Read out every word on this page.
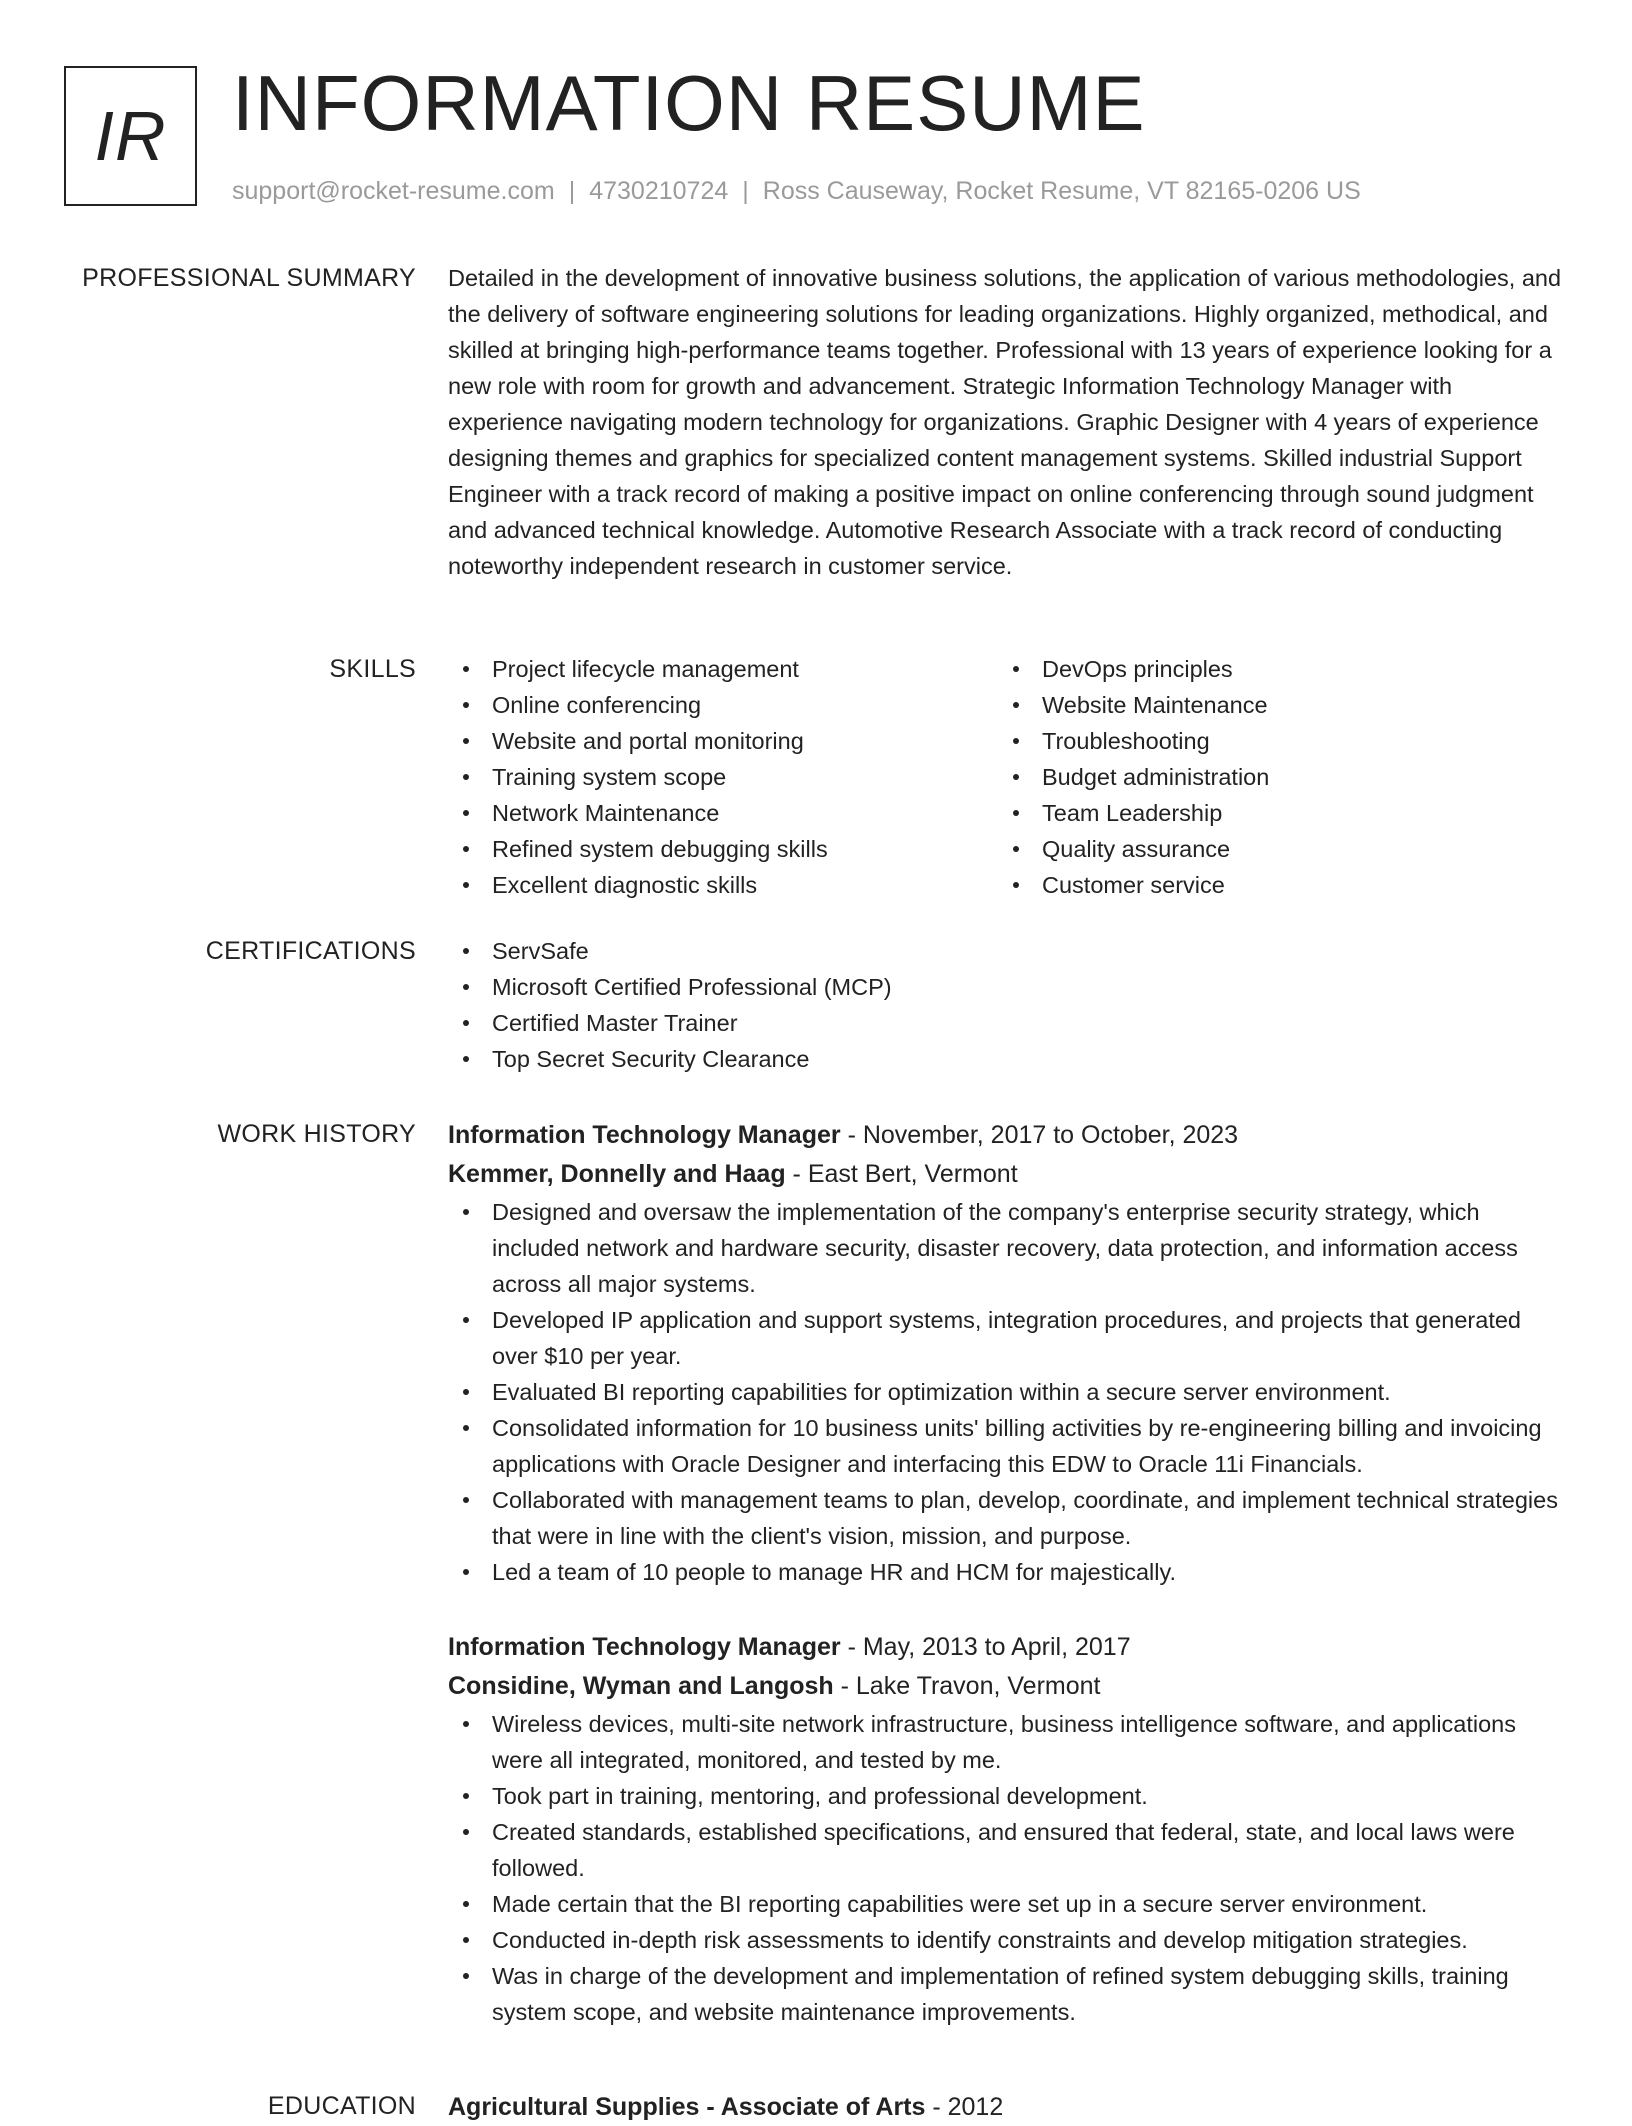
IR INFORMATION RESUME
support@rocket-resume.com | 4730210724 | Ross Causeway, Rocket Resume, VT 82165-0206 US
PROFESSIONAL SUMMARY Detailed in the development of innovative business solutions, the application of various methodologies, and the delivery of software engineering solutions for leading organizations. Highly organized, methodical, and skilled at bringing high-performance teams together. Professional with 13 years of experience looking for a new role with room for growth and advancement. Strategic Information Technology Manager with experience navigating modern technology for organizations. Graphic Designer with 4 years of experience designing themes and graphics for specialized content management systems. Skilled industrial Support Engineer with a track record of making a positive impact on online conferencing through sound judgment and advanced technical knowledge. Automotive Research Associate with a track record of conducting noteworthy independent research in customer service.

SKILLS	Project lifecycle management
Online conferencing
Website and portal monitoring
Training system scope
Network Maintenance
Refined system debugging skills
Excellent diagnostic skills
DevOps principles
Website Maintenance
Troubleshooting
Budget administration
Team Leadership
Quality assurance
Customer service
CERTIFICATIONS	ServSafe
Microsoft Certified Professional (MCP)
Certified Master Trainer
Top Secret Security Clearance
WORK HISTORY Information Technology Manager - November, 2017 to October, 2023
Kemmer, Donnelly and Haag - East Bert, Vermont
Designed and oversaw the implementation of the company's enterprise security strategy, which included network and hardware security, disaster recovery, data protection, and information access across all major systems.
Developed IP application and support systems, integration procedures, and projects that generated over $10 per year.
Evaluated BI reporting capabilities for optimization within a secure server environment.
Consolidated information for 10 business units' billing activities by re-engineering billing and invoicing applications with Oracle Designer and interfacing this EDW to Oracle 11i Financials.
Collaborated with management teams to plan, develop, coordinate, and implement technical strategies that were in line with the client's vision, mission, and purpose.
Led a team of 10 people to manage HR and HCM for majestically.
Information Technology Manager - May, 2013 to April, 2017
Considine, Wyman and Langosh - Lake Travon, Vermont
Wireless devices, multi-site network infrastructure, business intelligence software, and applications were all integrated, monitored, and tested by me.
Took part in training, mentoring, and professional development.
Created standards, established specifications, and ensured that federal, state, and local laws were followed.
Made certain that the BI reporting capabilities were set up in a secure server environment.
Conducted in-depth risk assessments to identify constraints and develop mitigation strategies.
Was in charge of the development and implementation of refined system debugging skills, training system scope, and website maintenance improvements.
EDUCATION Agricultural Supplies - Associate of Arts - 2012
